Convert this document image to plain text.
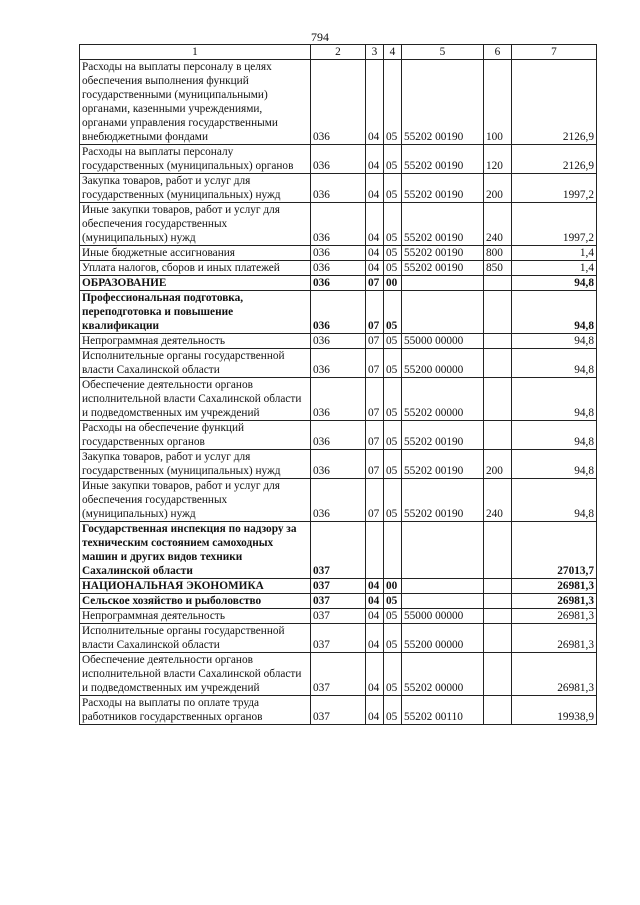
794
1	2	3	4	5	6	7
Расходы на выплаты персоналу в целях обеспечения выполнения функций государственными (муниципальными) органами, казенными учреждениями, органами управления государственными внебюджетными фондами	036	04	05	55202 00190	100	2126,9
Расходы на выплаты персоналу государственных (муниципальных) органов	036	04	05	55202 00190	120	2126,9
Закупка товаров, работ и услуг для государственных (муниципальных) нужд	036	04	05	55202 00190	200	1997,2
Иные закупки товаров, работ и услуг для обеспечения государственных (муниципальных) нужд	036	04	05	55202 00190	240	1997,2
Иные бюджетные ассигнования	036	04	05	55202 00190	800	1,4
Уплата налогов, сборов и иных платежей	036	04	05	55202 00190	850	1,4
ОБРАЗОВАНИЕ	036	07	00			94,8
Профессиональная подготовка, переподготовка и повышение квалификации	036	07	05			94,8
Непрограммная деятельность	036	07	05	55000 00000		94,8
Исполнительные органы государственной власти Сахалинской области	036	07	05	55200 00000		94,8
Обеспечение деятельности органов исполнительной власти Сахалинской области и подведомственных им учреждений	036	07	05	55202 00000		94,8
Расходы на обеспечение функций государственных органов	036	07	05	55202 00190		94,8
Закупка товаров, работ и услуг для государственных (муниципальных) нужд	036	07	05	55202 00190	200	94,8
Иные закупки товаров, работ и услуг для обеспечения государственных (муниципальных) нужд	036	07	05	55202 00190	240	94,8
Государственная инспекция по надзору за техническим состоянием самоходных машин и других видов техники Сахалинской области	037					27013,7
НАЦИОНАЛЬНАЯ ЭКОНОМИКА	037	04	00			26981,3
Сельское хозяйство и рыболовство	037	04	05			26981,3
Непрограммная деятельность	037	04	05	55000 00000		26981,3
Исполнительные органы государственной власти Сахалинской области	037	04	05	55200 00000		26981,3
Обеспечение деятельности органов исполнительной власти Сахалинской области и подведомственных им учреждений	037	04	05	55202 00000		26981,3
Расходы на выплаты по оплате труда работников государственных органов	037	04	05	55202 00110		19938,9
